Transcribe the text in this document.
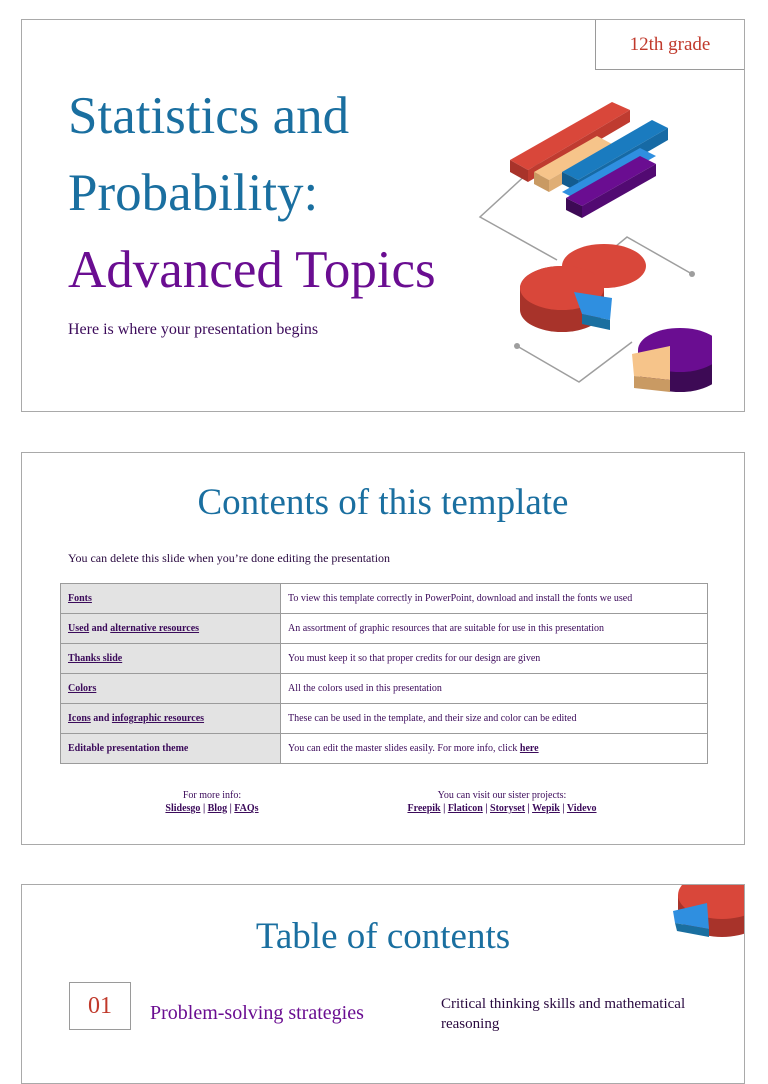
12th grade
Statistics and
Probability:
Advanced Topics
Here is where your presentation begins
Contents of this template
You can delete this slide when you’re done editing the presentation
Fonts	To view this template correctly in PowerPoint, download and install the fonts we used
Used and alternative resources	An assortment of graphic resources that are suitable for use in this presentation
Thanks slide	You must keep it so that proper credits for our design are given
Colors	All the colors used in this presentation
Icons and infographic resources	These can be used in the template, and their size and color can be edited
Editable presentation theme	You can edit the master slides easily. For more info, click here
For more info:
Slidesgo | Blog | FAQs
You can visit our sister projects:
Freepik | Flaticon | Storyset | Wepik | Videvo
Table of contents
01 Problem-solving strategies	Critical thinking skills and mathematical reasoning
